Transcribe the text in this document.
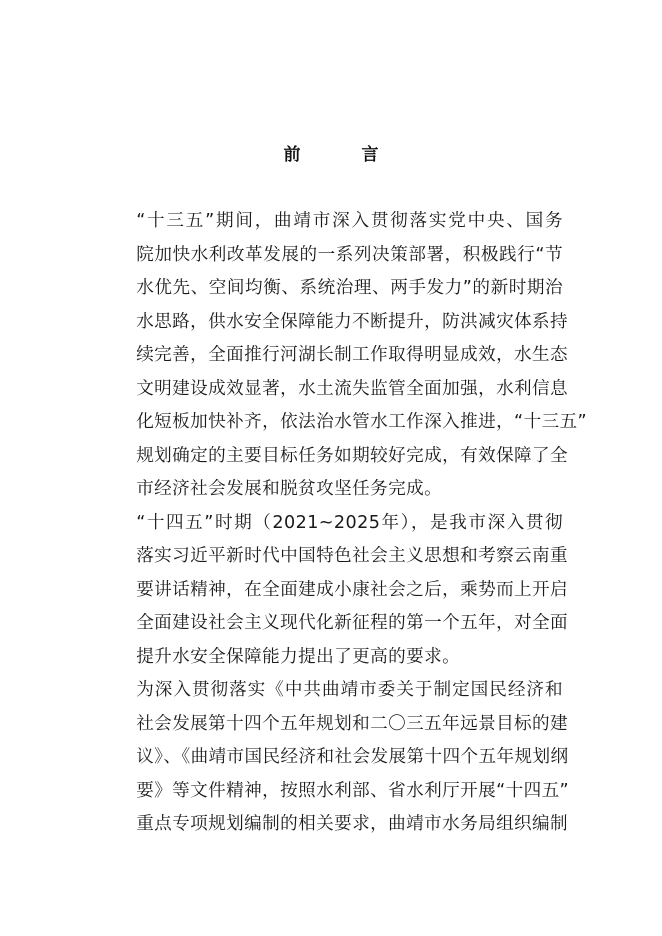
前　言

“十三五”期间，曲靖市深入贯彻落实党中央、国务
院加快水利改革发展的一系列决策部署，积极践行“节
水优先、空间均衡、系统治理、两手发力”的新时期治
水思路，供水安全保障能力不断提升，防洪减灾体系持
续完善，全面推行河湖长制工作取得明显成效，水生态
文明建设成效显著，水土流失监管全面加强，水利信息
化短板加快补齐，依法治水管水工作深入推进，“十三五”
规划确定的主要目标任务如期较好完成，有效保障了全
市经济社会发展和脱贫攻坚任务完成。

“十四五”时期（2021~2025年），是我市深入贯彻
落实习近平新时代中国特色社会主义思想和考察云南重
要讲话精神，在全面建成小康社会之后，乘势而上开启
全面建设社会主义现代化新征程的第一个五年，对全面
提升水安全保障能力提出了更高的要求。

为深入贯彻落实《中共曲靖市委关于制定国民经济和
社会发展第十四个五年规划和二〇三五年远景目标的建
议》、《曲靖市国民经济和社会发展第十四个五年规划纲
要》等文件精神，按照水利部、省水利厅开展“十四五”
重点专项规划编制的相关要求，曲靖市水务局组织编制
